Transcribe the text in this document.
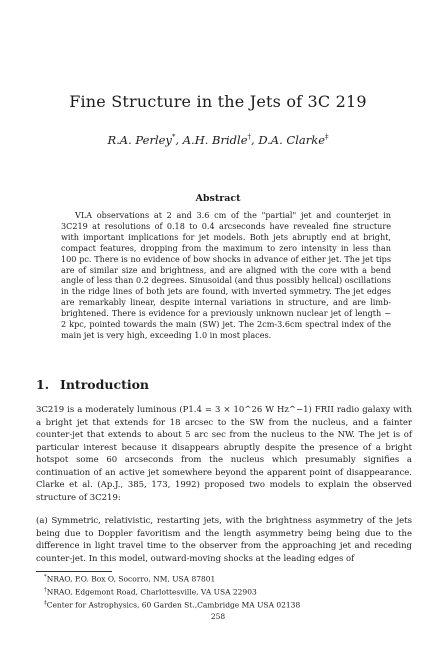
Fine Structure in the Jets of 3C 219
R.A. Perley*, A.H. Bridle†, D.A. Clarke‡
Abstract
VLA observations at 2 and 3.6 cm of the "partial" jet and counterjet in 3C219 at resolutions of 0.18 to 0.4 arcseconds have revealed fine structure with important implications for jet models. Both jets abruptly end at bright, compact features, dropping from the maximum to zero intensity in less than 100 pc. There is no evidence of bow shocks in advance of either jet. The jet tips are of similar size and brightness, and are aligned with the core with a bend angle of less than 0.2 degrees. Sinusoidal (and thus possibly helical) oscillations in the ridge lines of both jets are found, with inverted symmetry. The jet edges are remarkably linear, despite internal variations in structure, and are limb-brightened. There is evidence for a previously unknown nuclear jet of length ~ 2 kpc, pointed towards the main (SW) jet. The 2cm-3.6cm spectral index of the main jet is very high, exceeding 1.0 in most places.
1. Introduction
3C219 is a moderately luminous (P1.4 = 3 × 10^26 W Hz^−1) FRII radio galaxy with a bright jet that extends for 18 arcsec to the SW from the nucleus, and a fainter counter-jet that extends to about 5 arc sec from the nucleus to the NW. The jet is of particular interest because it disappears abruptly despite the presence of a bright hotspot some 60 arcseconds from the nucleus which presumably signifies a continuation of an active jet somewhere beyond the apparent point of disappearance. Clarke et al. (Ap.J., 385, 173, 1992) proposed two models to explain the observed structure of 3C219:
(a) Symmetric, relativistic, restarting jets, with the brightness asymmetry of the jets being due to Doppler favoritism and the length asymmetry being being due to the difference in light travel time to the observer from the approaching jet and receding counter-jet. In this model, outward-moving shocks at the leading edges of
*NRAO, P.O. Box O, Socorro, NM, USA 87801
†NRAO, Edgemont Road, Charlottesville, VA USA 22903
‡Center for Astrophysics, 60 Garden St.,Cambridge MA USA 02138
258
